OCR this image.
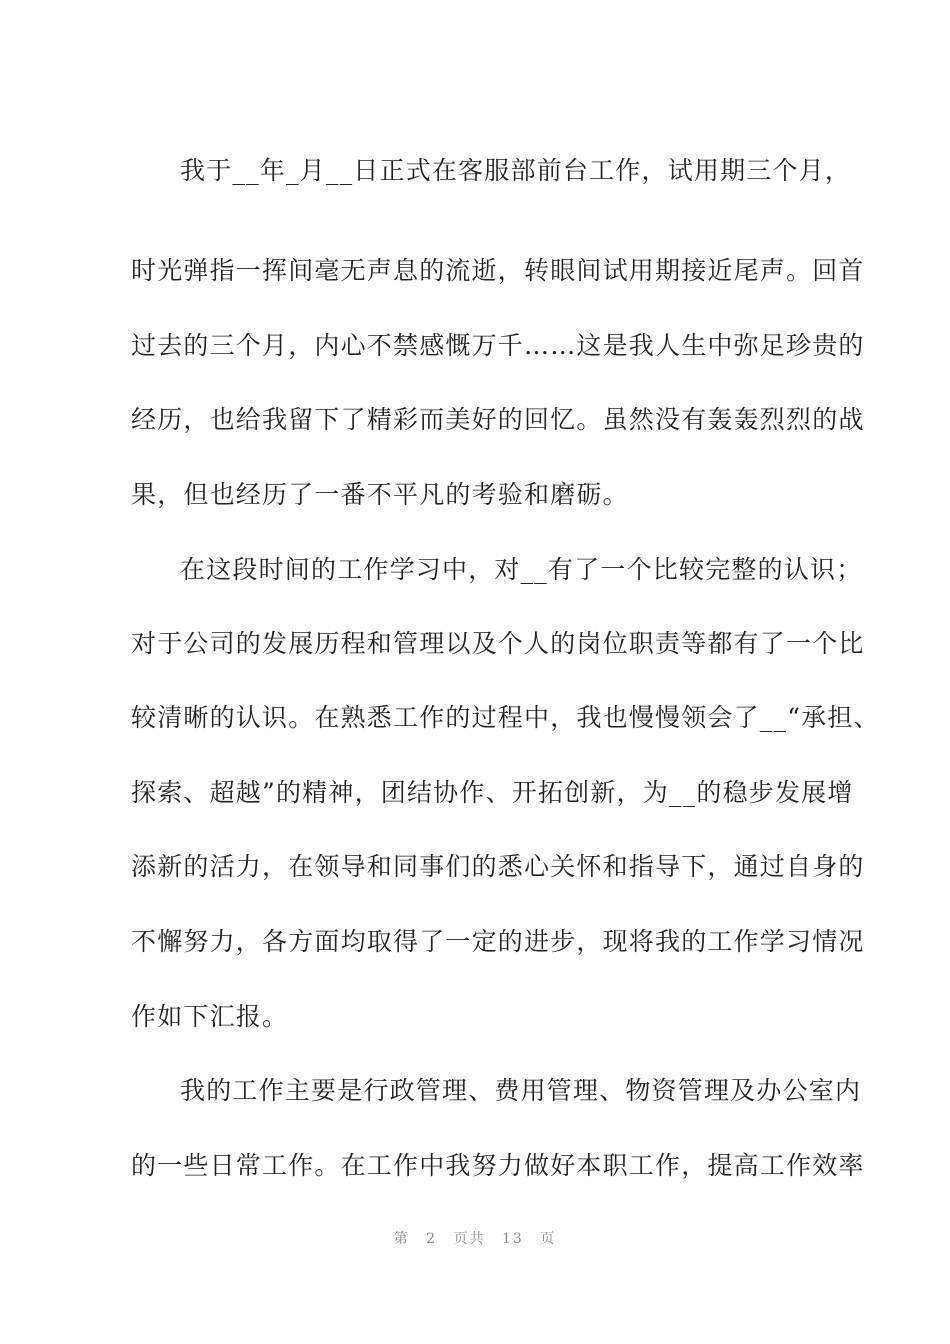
我于__年_月__日正式在客服部前台工作，试用期三个月，
时光弹指一挥间毫无声息的流逝，转眼间试用期接近尾声。回首
过去的三个月，内心不禁感慨万千……这是我人生中弥足珍贵的
经历，也给我留下了精彩而美好的回忆。虽然没有轰轰烈烈的战
果，但也经历了一番不平凡的考验和磨砺。
在这段时间的工作学习中，对__有了一个比较完整的认识；
对于公司的发展历程和管理以及个人的岗位职责等都有了一个比
较清晰的认识。在熟悉工作的过程中，我也慢慢领会了__“承担、
探索、超越”的精神，团结协作、开拓创新，为__的稳步发展增
添新的活力，在领导和同事们的悉心关怀和指导下，通过自身的
不懈努力，各方面均取得了一定的进步，现将我的工作学习情况
作如下汇报。
我的工作主要是行政管理、费用管理、物资管理及办公室内
的一些日常工作。在工作中我努力做好本职工作，提高工作效率
第 2 页共 13 页
